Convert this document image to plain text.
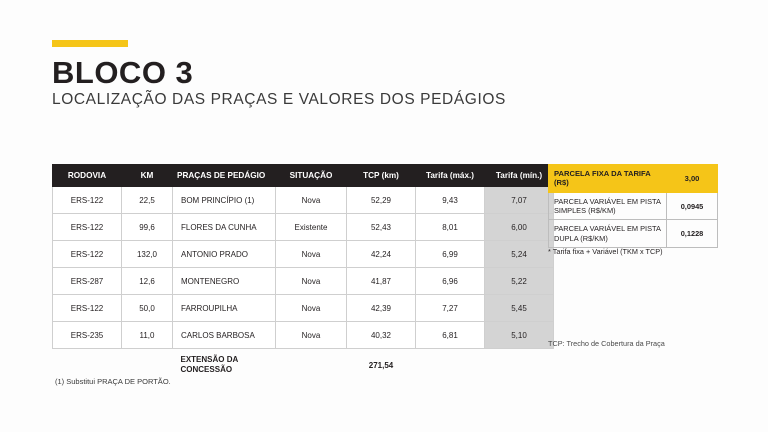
BLOCO 3
LOCALIZAÇÃO DAS PRAÇAS E VALORES DOS PEDÁGIOS
RODOVIA	KM	PRAÇAS DE PEDÁGIO	SITUAÇÃO	TCP (km)	Tarifa (máx.)	Tarifa (mín.)
ERS-122	22,5	BOM PRINCÍPIO (1)	Nova	52,29	9,43	7,07
ERS-122	99,6	FLORES DA CUNHA	Existente	52,43	8,01	6,00
ERS-122	132,0	ANTONIO PRADO	Nova	42,24	6,99	5,24
ERS-287	12,6	MONTENEGRO	Nova	41,87	6,96	5,22
ERS-122	50,0	FARROUPILHA	Nova	42,39	7,27	5,45
ERS-235	11,0	CARLOS BARBOSA	Nova	40,32	6,81	5,10
		EXTENSÃO DA CONCESSÃO		271,54		
(1) Substitui PRAÇA DE PORTÃO.
PARCELA FIXA DA TARIFA (R$)	3,00
PARCELA VARIÁVEL EM PISTA SIMPLES (R$/KM)	0,0945
PARCELA VARIÁVEL EM PISTA DUPLA (R$/KM)	0,1228
* Tarifa fixa + Variável (TKM x TCP)
TCP: Trecho de Cobertura da Praça
